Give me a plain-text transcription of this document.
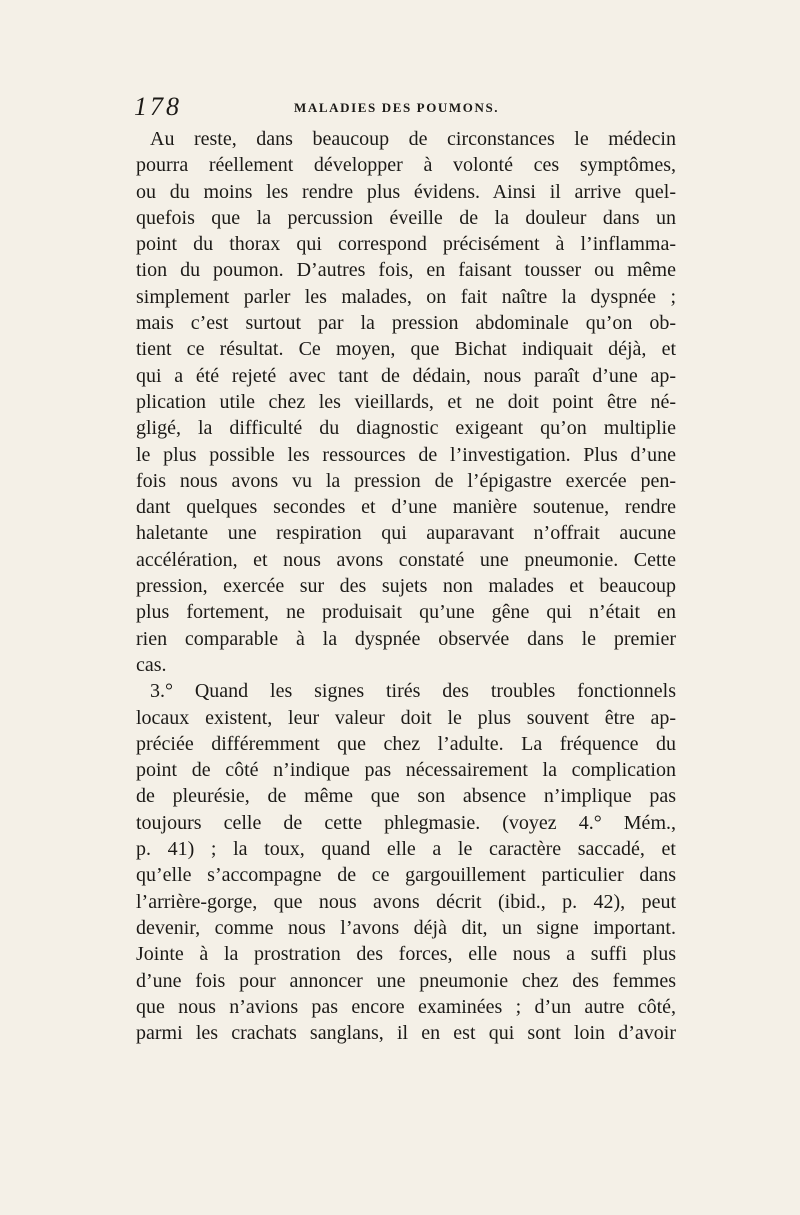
178	MALADIES DES POUMONS.
Au reste, dans beaucoup de circonstances le médecin
pourra réellement développer à volonté ces symptômes,
ou du moins les rendre plus évidens. Ainsi il arrive quel-
quefois que la percussion éveille de la douleur dans un
point du thorax qui correspond précisément à l’inflamma-
tion du poumon. D’autres fois, en faisant tousser ou même
simplement parler les malades, on fait naître la dyspnée ;
mais c’est surtout par la pression abdominale qu’on ob-
tient ce résultat. Ce moyen, que Bichat indiquait déjà, et
qui a été rejeté avec tant de dédain, nous paraît d’une ap-
plication utile chez les vieillards, et ne doit point être né-
gligé, la difficulté du diagnostic exigeant qu’on multiplie
le plus possible les ressources de l’investigation. Plus d’une
fois nous avons vu la pression de l’épigastre exercée pen-
dant quelques secondes et d’une manière soutenue, rendre
haletante une respiration qui auparavant n’offrait aucune
accélération, et nous avons constaté une pneumonie. Cette
pression, exercée sur des sujets non malades et beaucoup
plus fortement, ne produisait qu’une gêne qui n’était en
rien comparable à la dyspnée observée dans le premier
cas.
3.° Quand les signes tirés des troubles fonctionnels
locaux existent, leur valeur doit le plus souvent être ap-
préciée différemment que chez l’adulte. La fréquence du
point de côté n’indique pas nécessairement la complication
de pleurésie, de même que son absence n’implique pas
toujours celle de cette phlegmasie. (voyez 4.° Mém.,
p. 41) ; la toux, quand elle a le caractère saccadé, et
qu’elle s’accompagne de ce gargouillement particulier dans
l’arrière-gorge, que nous avons décrit (ibid., p. 42), peut
devenir, comme nous l’avons déjà dit, un signe important.
Jointe à la prostration des forces, elle nous a suffi plus
d’une fois pour annoncer une pneumonie chez des femmes
que nous n’avions pas encore examinées ; d’un autre côté,
parmi les crachats sanglans, il en est qui sont loin d’avoir
